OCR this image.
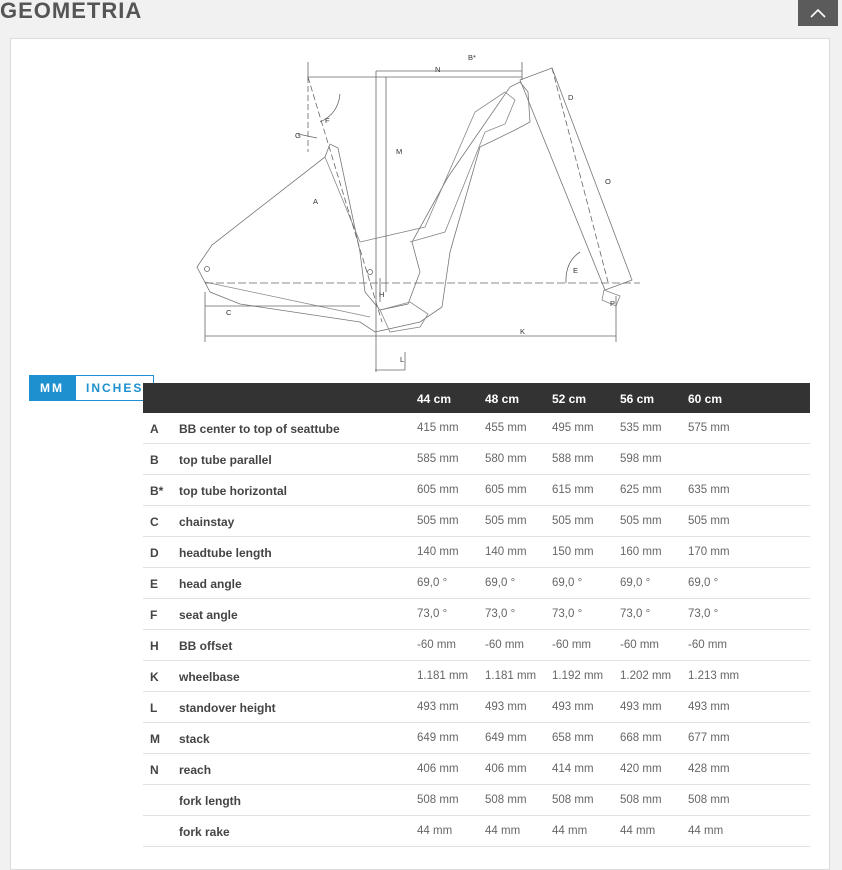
GEOMETRIA
B*
N
F
D
G
M
O
A
E
H
C
P
K
L
MM	INCHES
44 cm	48 cm	52 cm	56 cm	60 cm
A BB center to top of seattube	415 mm 455 mm 495 mm 535 mm 575 mm
B top tube parallel	585 mm 580 mm 588 mm 598 mm
B* top tube horizontal	605 mm 605 mm 615 mm 625 mm 635 mm
C chainstay	505 mm 505 mm 505 mm 505 mm 505 mm
D headtube length	140 mm 140 mm 150 mm 160 mm 170 mm
E head angle	69,0 °	69,0 °	69,0 °	69,0 °	69,0 °
F seat angle	73,0 °	73,0 °	73,0 °	73,0 °	73,0 °
H BB offset	-60 mm	-60 mm -60 mm	-60 mm	-60 mm
K wheelbase	1.181 mm 1.181 mm 1.192 mm 1.202 mm 1.213 mm
L standover height	493 mm 493 mm 493 mm 493 mm 493 mm
M stack	649 mm 649 mm 658 mm 668 mm 677 mm
N reach	406 mm 406 mm 414 mm 420 mm 428 mm
fork length	508 mm 508 mm 508 mm 508 mm 508 mm
fork rake	44 mm	44 mm	44 mm	44 mm	44 mm
